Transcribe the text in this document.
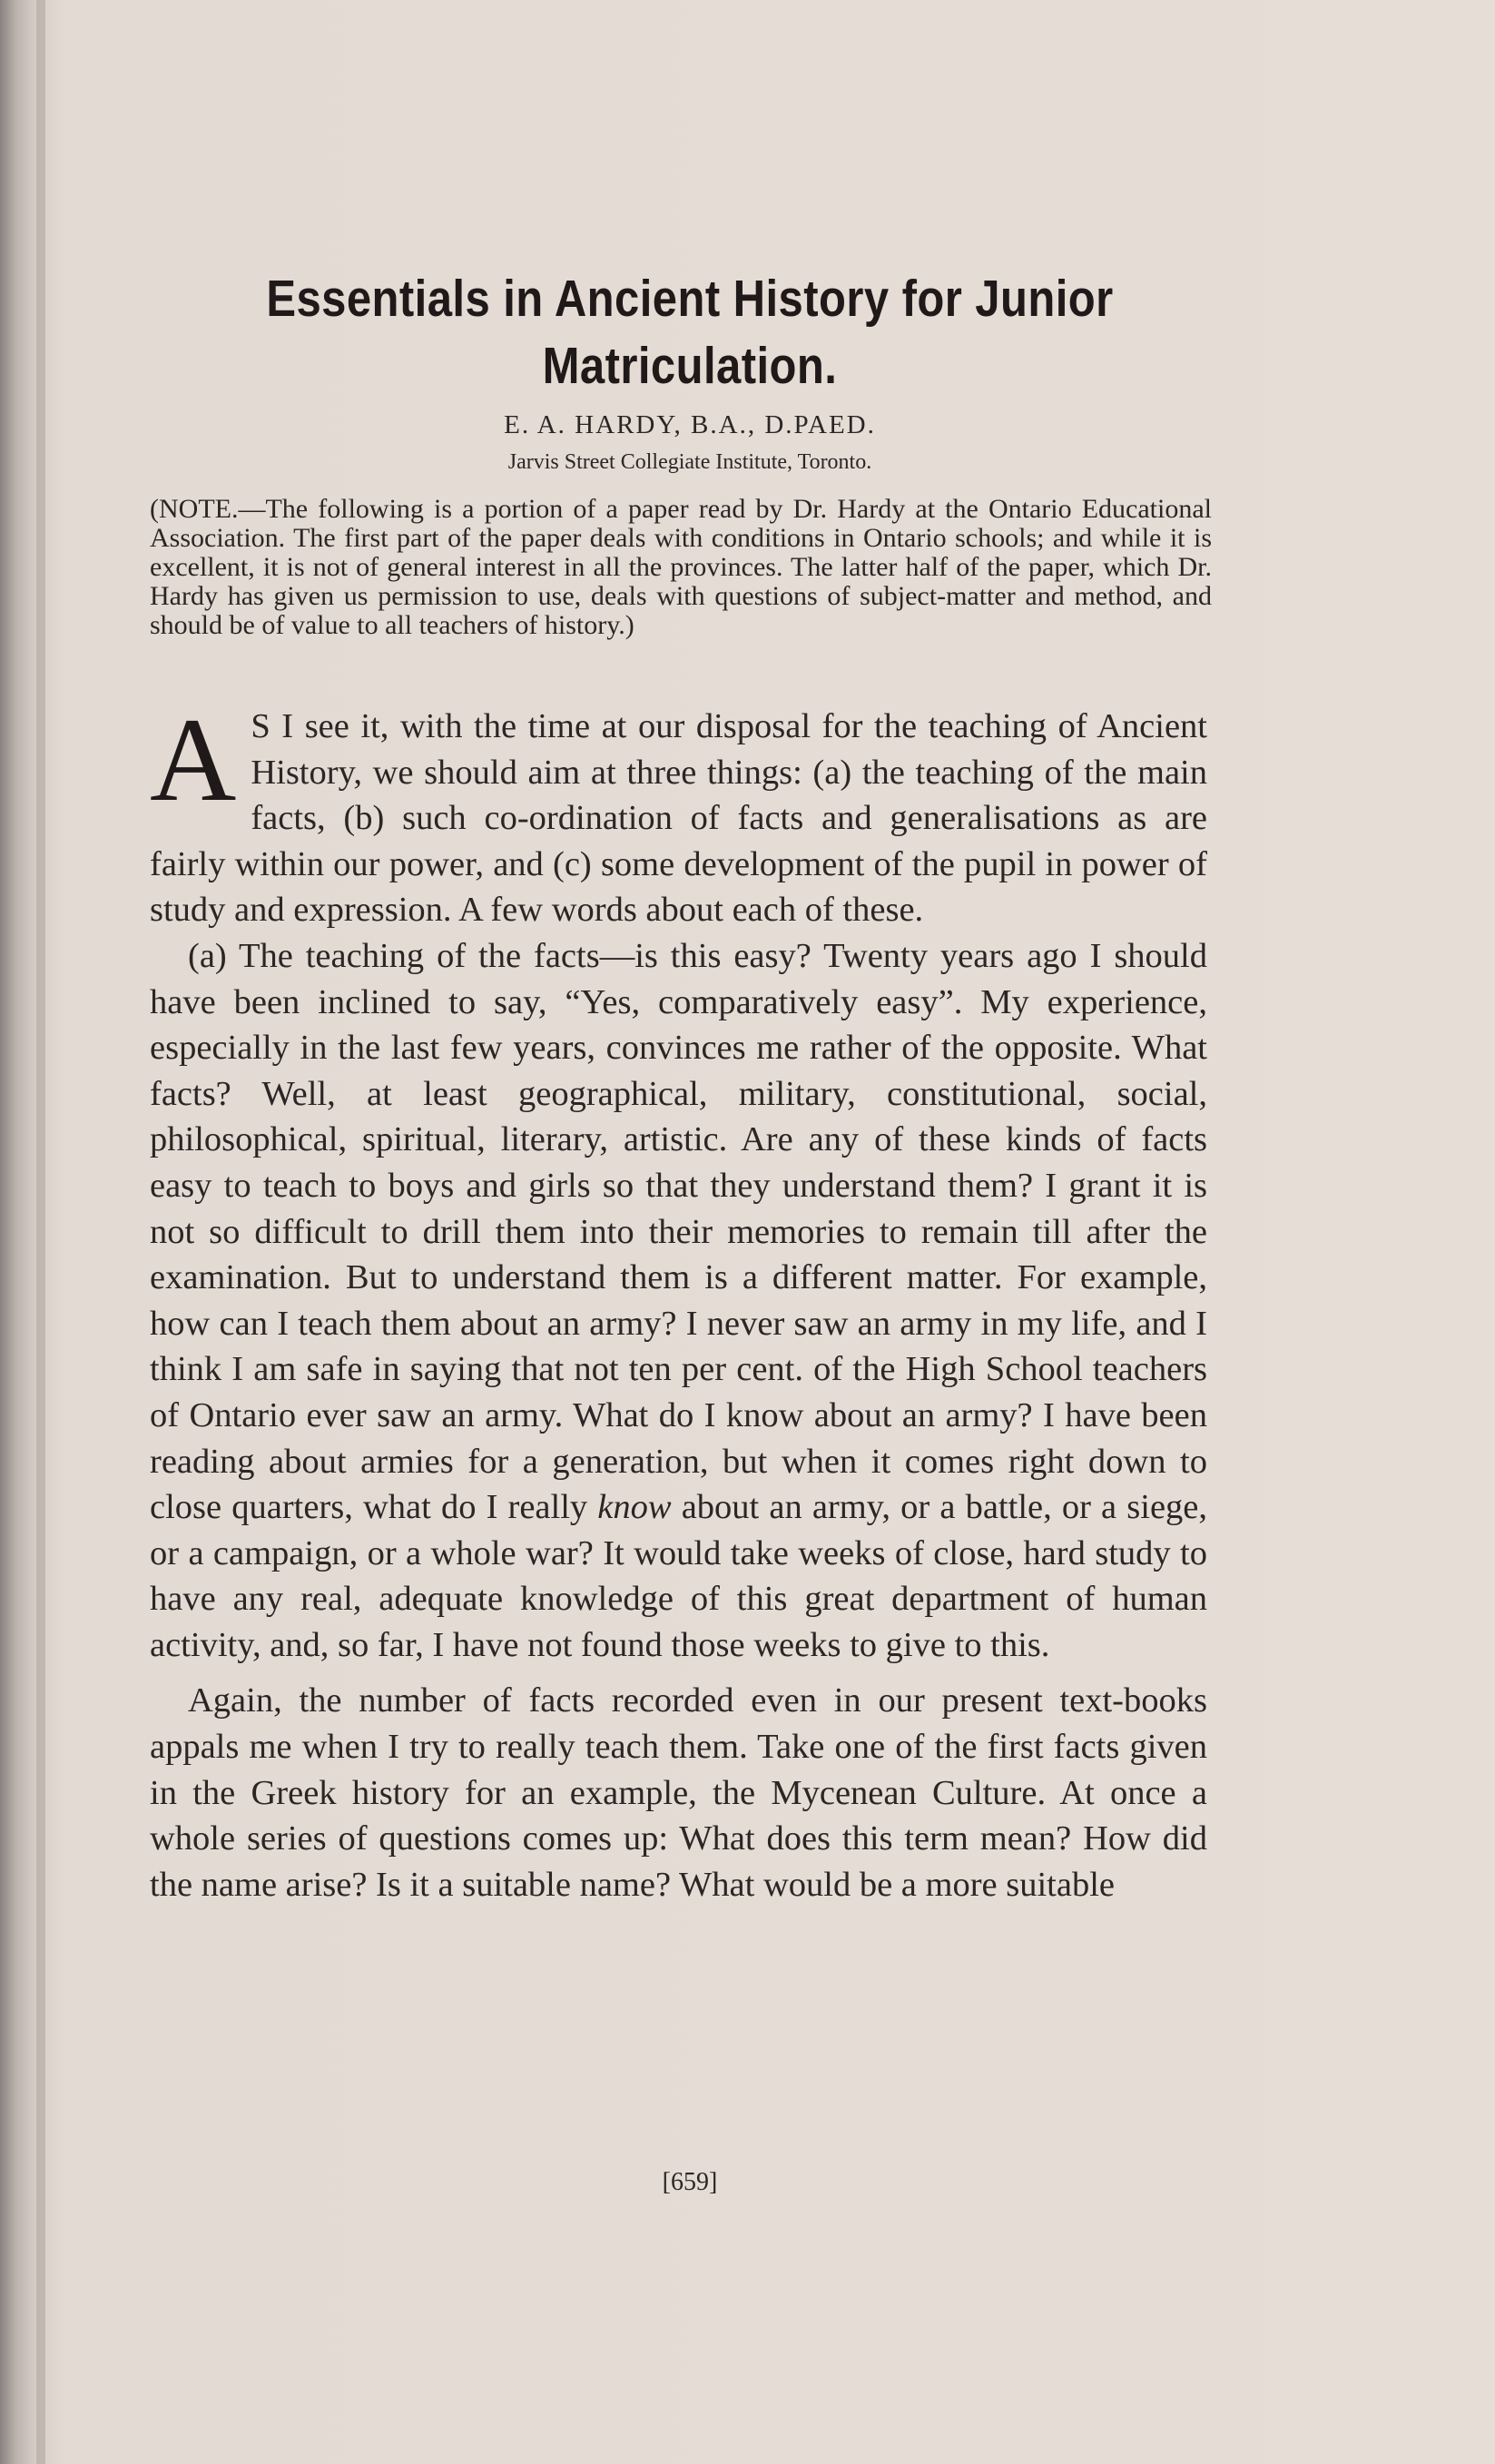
Essentials in Ancient History for Junior Matriculation.
E. A. HARDY, B.A., D.PAED.
Jarvis Street Collegiate Institute, Toronto.

(NOTE.—The following is a portion of a paper read by Dr. Hardy at the Ontario Educational Association. The first part of the paper deals with conditions in Ontario schools; and while it is excellent, it is not of general interest in all the provinces. The latter half of the paper, which Dr. Hardy has given us permission to use, deals with questions of subject-matter and method, and should be of value to all teachers of history.)

A S I see it, with the time at our disposal for the teaching of Ancient History, we should aim at three things: (a) the teaching of the main facts, (b) such co-ordination of facts and generalisations as are fairly within our power, and (c) some development of the pupil in power of study and expression. A few words about each of these.

(a) The teaching of the facts—is this easy? Twenty years ago I should have been inclined to say, “Yes, comparatively easy”. My experience, especially in the last few years, convinces me rather of the opposite. What facts? Well, at least geographical, military, constitutional, social, philosophical, spiritual, literary, artistic. Are any of these kinds of facts easy to teach to boys and girls so that they understand them? I grant it is not so difficult to drill them into their memories to remain till after the examination. But to understand them is a different matter. For example, how can I teach them about an army? I never saw an army in my life, and I think I am safe in saying that not ten per cent. of the High School teachers of Ontario ever saw an army. What do I know about an army? I have been reading about armies for a generation, but when it comes right down to close quarters, what do I really know about an army, or a battle, or a siege, or a campaign, or a whole war? It would take weeks of close, hard study to have any real, adequate knowledge of this great department of human activity, and, so far, I have not found those weeks to give to this.

Again, the number of facts recorded even in our present text-books appals me when I try to really teach them. Take one of the first facts given in the Greek history for an example, the Mycenean Culture. At once a whole series of questions comes up: What does this term mean? How did the name arise? Is it a suitable name? What would be a more suitable

[659]
